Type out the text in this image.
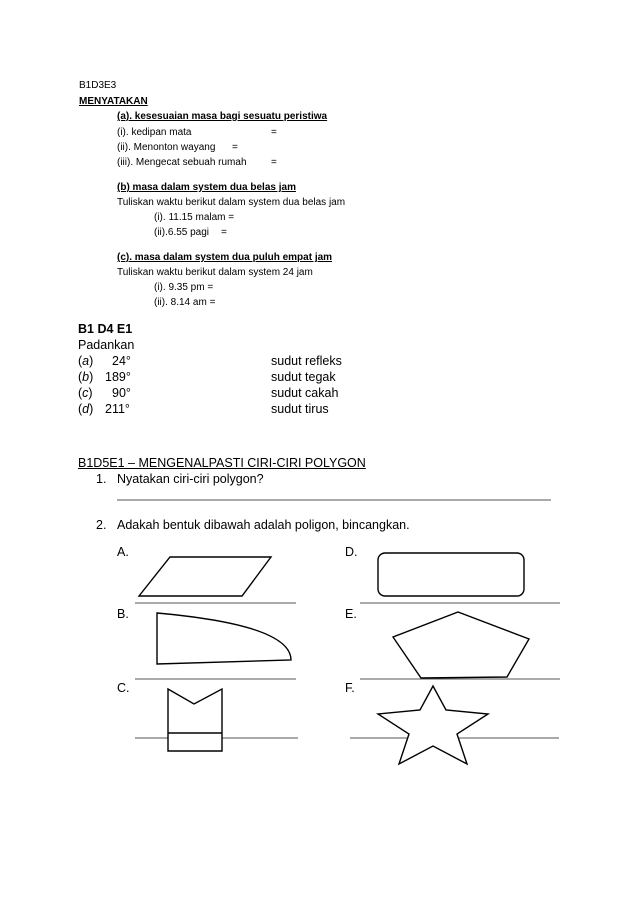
B1D3E3
MENYATAKAN
(a). kesesuaian masa bagi sesuatu peristiwa
(i). kedipan mata	=
(ii). Menonton wayang =
(iii). Mengecat sebuah rumah =
(b) masa dalam system dua belas jam
Tuliskan waktu berikut dalam system dua belas jam
(i). 11.15 malam =
(ii).6.55 pagi =
(c). masa dalam system dua puluh empat jam
Tuliskan waktu berikut dalam system 24 jam
(i). 9.35 pm =
(ii). 8.14 am =
B1 D4 E1
Padankan
(a) 24°	sudut refleks
(b) 189°	sudut tegak
(c) 90°	sudut cakah
(d) 211°	sudut tirus
B1D5E1 – MENGENALPASTI CIRI-CIRI POLYGON
1. Nyatakan ciri-ciri polygon?
2. Adakah bentuk dibawah adalah poligon, bincangkan.
A.
B.
C.
D.
E.
F.
